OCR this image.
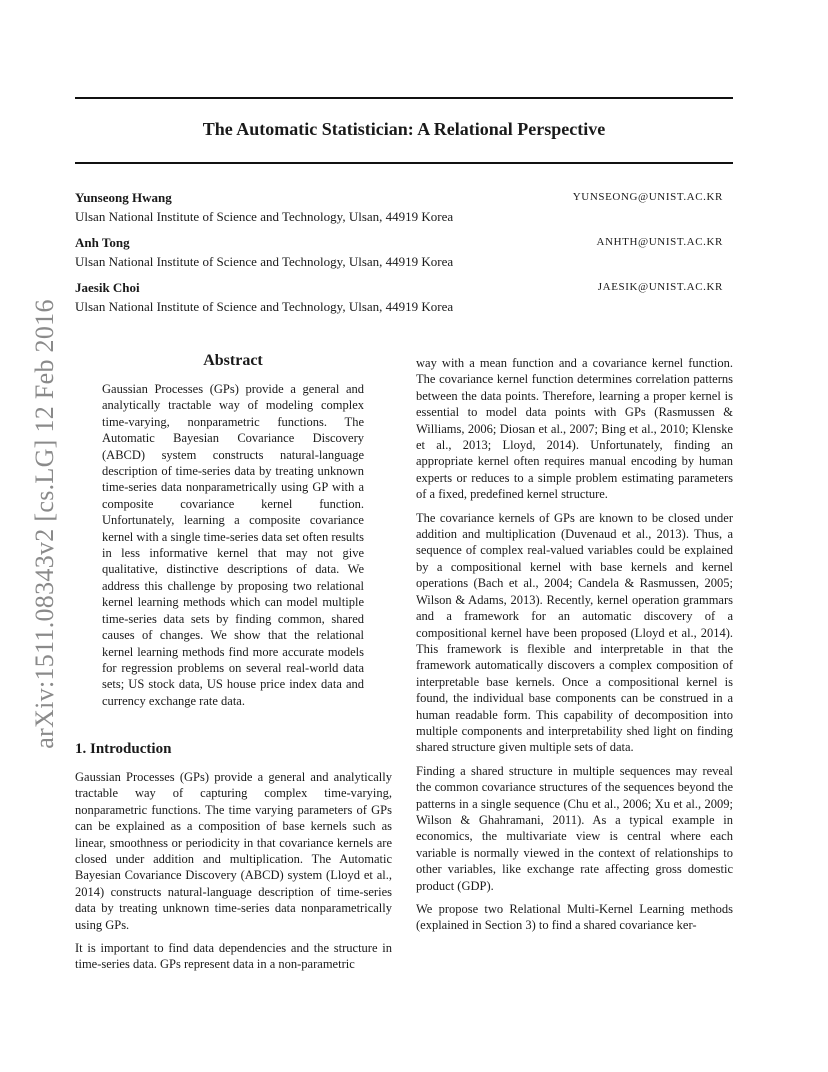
The Automatic Statistician: A Relational Perspective
Yunseong Hwang
Ulsan National Institute of Science and Technology, Ulsan, 44919 Korea
YUNSEONG@UNIST.AC.KR
Anh Tong
Ulsan National Institute of Science and Technology, Ulsan, 44919 Korea
ANHTH@UNIST.AC.KR
Jaesik Choi
Ulsan National Institute of Science and Technology, Ulsan, 44919 Korea
JAESIK@UNIST.AC.KR
arXiv:1511.08343v2 [cs.LG] 12 Feb 2016	Abstract

Gaussian Processes (GPs) provide a general and analytically tractable way of modeling complex time-varying, nonparametric functions. The Automatic Bayesian Covariance Discovery (ABCD) system constructs natural-language description of time-series data by treating unknown time-series data nonparametrically using GP with a composite covariance kernel function. Unfortunately, learning a composite covariance kernel with a single time-series data set often results in less informative kernel that may not give qualitative, distinctive descriptions of data. We address this challenge by proposing two relational kernel learning methods which can model multiple time-series data sets by finding common, shared causes of changes. We show that the relational kernel learning methods find more accurate models for regression problems on several real-world data sets; US stock data, US house price index data and currency exchange rate data.

1. Introduction

Gaussian Processes (GPs) provide a general and analytically tractable way of capturing complex time-varying, nonparametric functions. The time varying parameters of GPs can be explained as a composition of base kernels such as linear, smoothness or periodicity in that covariance kernels are closed under addition and multiplication. The Automatic Bayesian Covariance Discovery (ABCD) system (Lloyd et al., 2014) constructs natural-language description of time-series data by treating unknown time-series data nonparametrically using GPs.

It is important to find data dependencies and the structure in time-series data. GPs represent data in a non-parametric

way with a mean function and a covariance kernel function. The covariance kernel function determines correlation patterns between the data points. Therefore, learning a proper kernel is essential to model data points with GPs (Rasmussen & Williams, 2006; Diosan et al., 2007; Bing et al., 2010; Klenske et al., 2013; Lloyd, 2014). Unfortunately, finding an appropriate kernel often requires manual encoding by human experts or reduces to a simple problem estimating parameters of a fixed, predefined kernel structure.

The covariance kernels of GPs are known to be closed under addition and multiplication (Duvenaud et al., 2013). Thus, a sequence of complex real-valued variables could be explained by a compositional kernel with base kernels and kernel operations (Bach et al., 2004; Candela & Rasmussen, 2005; Wilson & Adams, 2013). Recently, kernel operation grammars and a framework for an automatic discovery of a compositional kernel have been proposed (Lloyd et al., 2014). This framework is flexible and interpretable in that the framework automatically discovers a complex composition of interpretable base kernels. Once a compositional kernel is found, the individual base components can be construed in a human readable form. This capability of decomposition into multiple components and interpretability shed light on finding shared structure given multiple sets of data.

Finding a shared structure in multiple sequences may reveal the common covariance structures of the sequences beyond the patterns in a single sequence (Chu et al., 2006; Xu et al., 2009; Wilson & Ghahramani, 2011). As a typical example in economics, the multivariate view is central where each variable is normally viewed in the context of relationships to other variables, like exchange rate affecting gross domestic product (GDP).

We propose two Relational Multi-Kernel Learning methods (explained in Section 3) to find a shared covariance ker-
